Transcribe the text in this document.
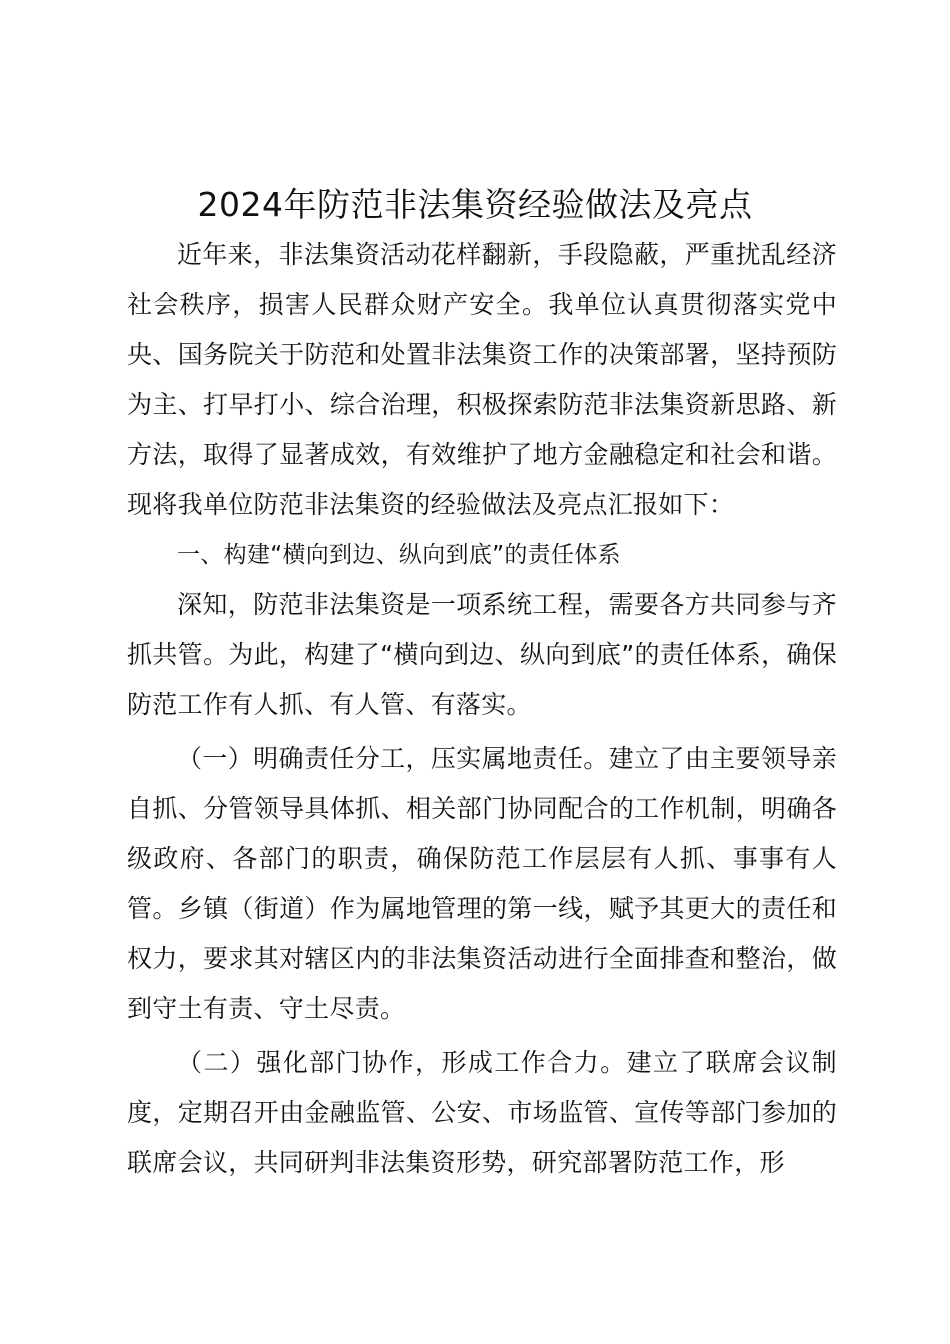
2024年防范非法集资经验做法及亮点

近年来，非法集资活动花样翻新，手段隐蔽，严重扰乱经济社会秩序，损害人民群众财产安全。我单位认真贯彻落实党中央、国务院关于防范和处置非法集资工作的决策部署，坚持预防为主、打早打小、综合治理，积极探索防范非法集资新思路、新方法，取得了显著成效，有效维护了地方金融稳定和社会和谐。现将我单位防范非法集资的经验做法及亮点汇报如下：

一、构建“横向到边、纵向到底”的责任体系

深知，防范非法集资是一项系统工程，需要各方共同参与齐抓共管。为此，构建了“横向到边、纵向到底”的责任体系，确保防范工作有人抓、有人管、有落实。

（一）明确责任分工，压实属地责任。建立了由主要领导亲自抓、分管领导具体抓、相关部门协同配合的工作机制，明确各级政府、各部门的职责，确保防范工作层层有人抓、事事有人管。乡镇（街道）作为属地管理的第一线，赋予其更大的责任和权力，要求其对辖区内的非法集资活动进行全面排查和整治，做到守土有责、守土尽责。

（二）强化部门协作，形成工作合力。建立了联席会议制度，定期召开由金融监管、公安、市场监管、宣传等部门参加的联席会议，共同研判非法集资形势，研究部署防范工作，形
